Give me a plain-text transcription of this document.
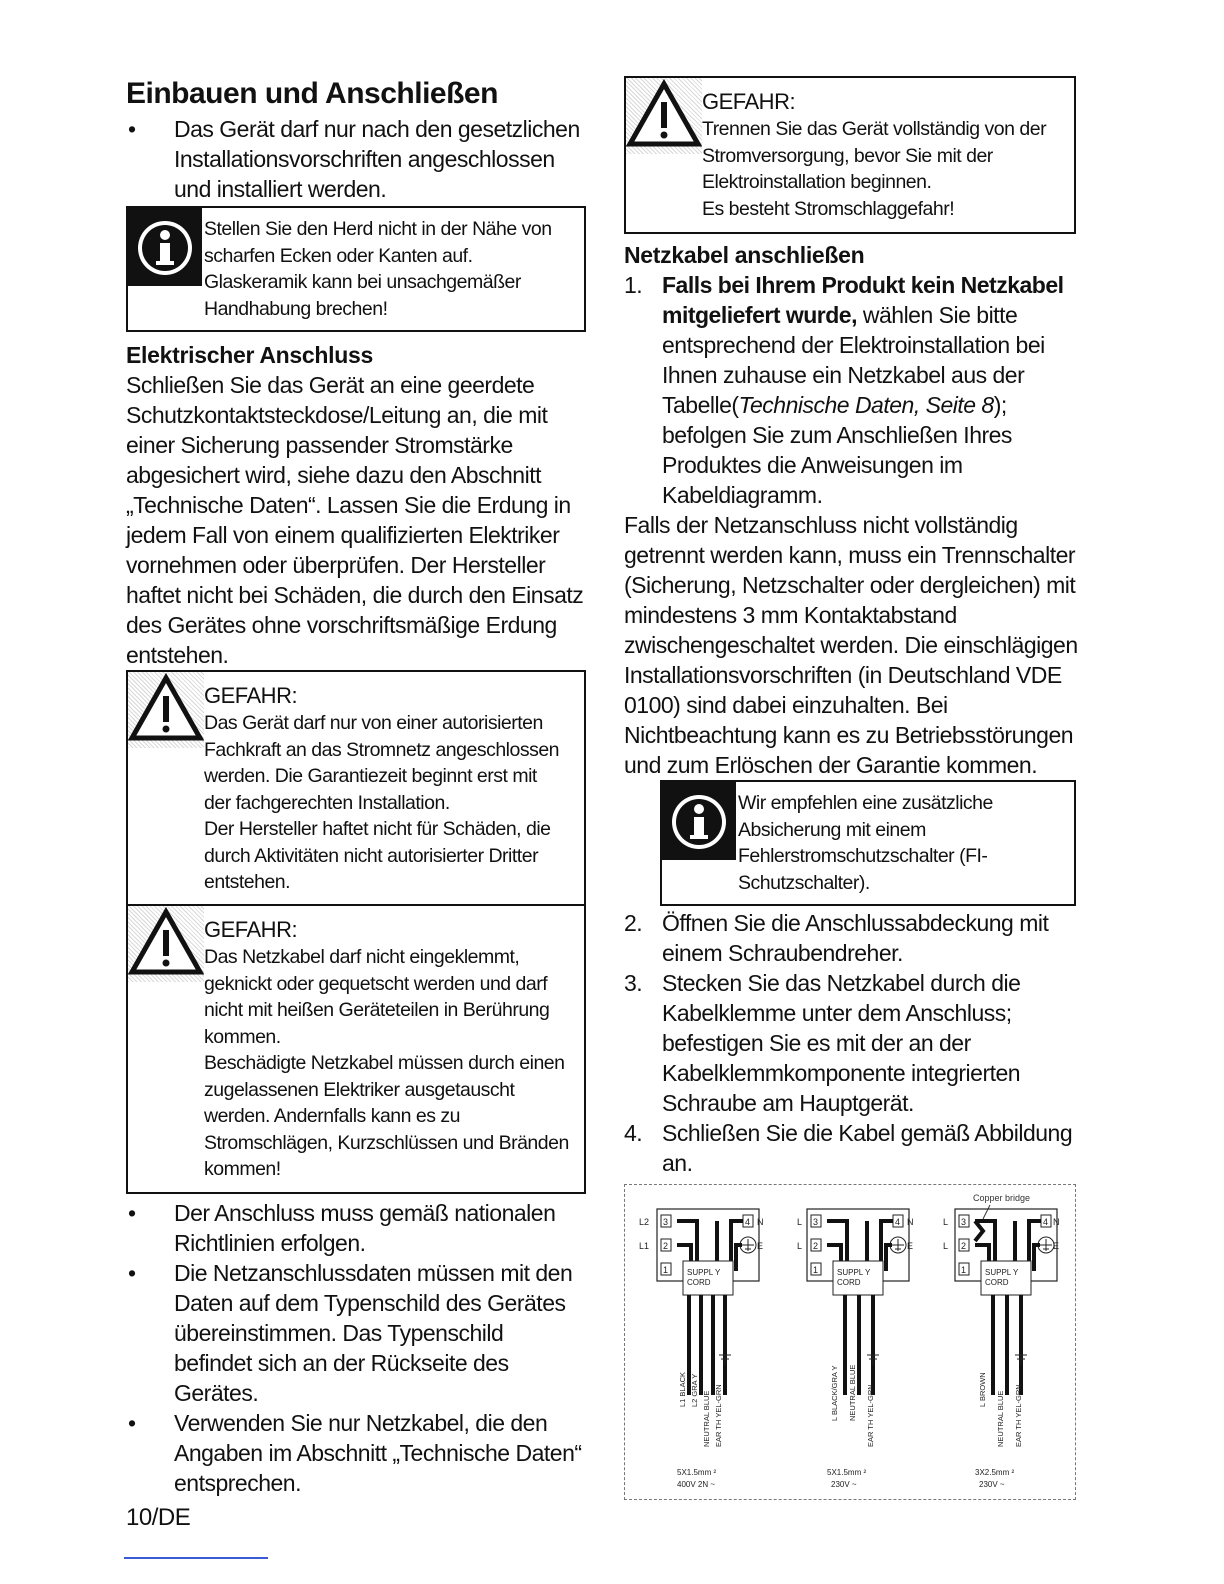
Einbauen und Anschließen
• Das Gerät darf nur nach den gesetzlichen Installationsvorschriften angeschlossen und installiert werden.
Stellen Sie den Herd nicht in der Nähe von
scharfen Ecken oder Kanten auf.
Glaskeramik kann bei unsachgemäßer
Handhabung brechen!
Elektrischer Anschluss
Schließen Sie das Gerät an eine geerdete Schutzkontaktsteckdose/Leitung an, die mit einer Sicherung passender Stromstärke abgesichert wird, siehe dazu den Abschnitt „Technische Daten“. Lassen Sie die Erdung in jedem Fall von einem qualifizierten Elektriker vornehmen oder überprüfen. Der Hersteller haftet nicht bei Schäden, die durch den Einsatz des Gerätes ohne vorschriftsmäßige Erdung entstehen.
GEFAHR:
Das Gerät darf nur von einer autorisierten
Fachkraft an das Stromnetz angeschlossen
werden. Die Garantiezeit beginnt erst mit
der fachgerechten Installation.
Der Hersteller haftet nicht für Schäden, die
durch Aktivitäten nicht autorisierter Dritter
entstehen.
GEFAHR:
Das Netzkabel darf nicht eingeklemmt,
geknickt oder gequetscht werden und darf
nicht mit heißen Geräteteilen in Berührung
kommen.
Beschädigte Netzkabel müssen durch einen
zugelassenen Elektriker ausgetauscht
werden. Andernfalls kann es zu
Stromschlägen, Kurzschlüssen und Bränden
kommen!
• Der Anschluss muss gemäß nationalen Richtlinien erfolgen.
• Die Netzanschlussdaten müssen mit den Daten auf dem Typenschild des Gerätes übereinstimmen. Das Typenschild befindet sich an der Rückseite des Gerätes.
• Verwenden Sie nur Netzkabel, die den Angaben im Abschnitt „Technische Daten“ entsprechen.
GEFAHR:
Trennen Sie das Gerät vollständig von der
Stromversorgung, bevor Sie mit der
Elektroinstallation beginnen.
Es besteht Stromschlaggefahr!
Netzkabel anschließen
1. Falls bei Ihrem Produkt kein Netzkabel mitgeliefert wurde, wählen Sie bitte entsprechend der Elektroinstallation bei Ihnen zuhause ein Netzkabel aus der Tabelle(Technische Daten, Seite 8); befolgen Sie zum Anschließen Ihres Produktes die Anweisungen im Kabeldiagramm.
Falls der Netzanschluss nicht vollständig getrennt werden kann, muss ein Trennschalter (Sicherung, Netzschalter oder dergleichen) mit mindestens 3 mm Kontaktabstand zwischengeschaltet werden. Die einschlägigen Installationsvorschriften (in Deutschland VDE 0100) sind dabei einzuhalten. Bei Nichtbeachtung kann es zu Betriebsstörungen und zum Erlöschen der Garantie kommen.
Wir empfehlen eine zusätzliche
Absicherung mit einem
Fehlerstromschutzschalter (FI-
Schutzschalter).
2. Öffnen Sie die Anschlussabdeckung mit einem Schraubendreher.
3. Stecken Sie das Netzkabel durch die Kabelklemme unter dem Anschluss; befestigen Sie es mit der an der Kabelklemmkomponente integrierten Schraube am Hauptgerät.
4. Schließen Sie die Kabel gemäß Abbildung an.
Copper bridge
L2
L1
3
2
1
4 N
E
L
L
3
2
1
4 N
E
L
L
3
2
1
4 N
E
SUPPL Y
CORD
SUPPL Y
CORD
SUPPL Y
CORD
L1 BLACK L2 GRA Y
NEUTRAL BLUE EAR TH YEL-GRN	L BLACK/GRA Y NEUTRAL BLUE EAR TH YEL-GRN	L BROWN
NEUTRAL BLUE EAR TH YEL-GRN
5X1.5mm ²
400V 2N ~
5X1.5mm ²
230V ~
3X2.5mm ²
230V ~
10/DE
